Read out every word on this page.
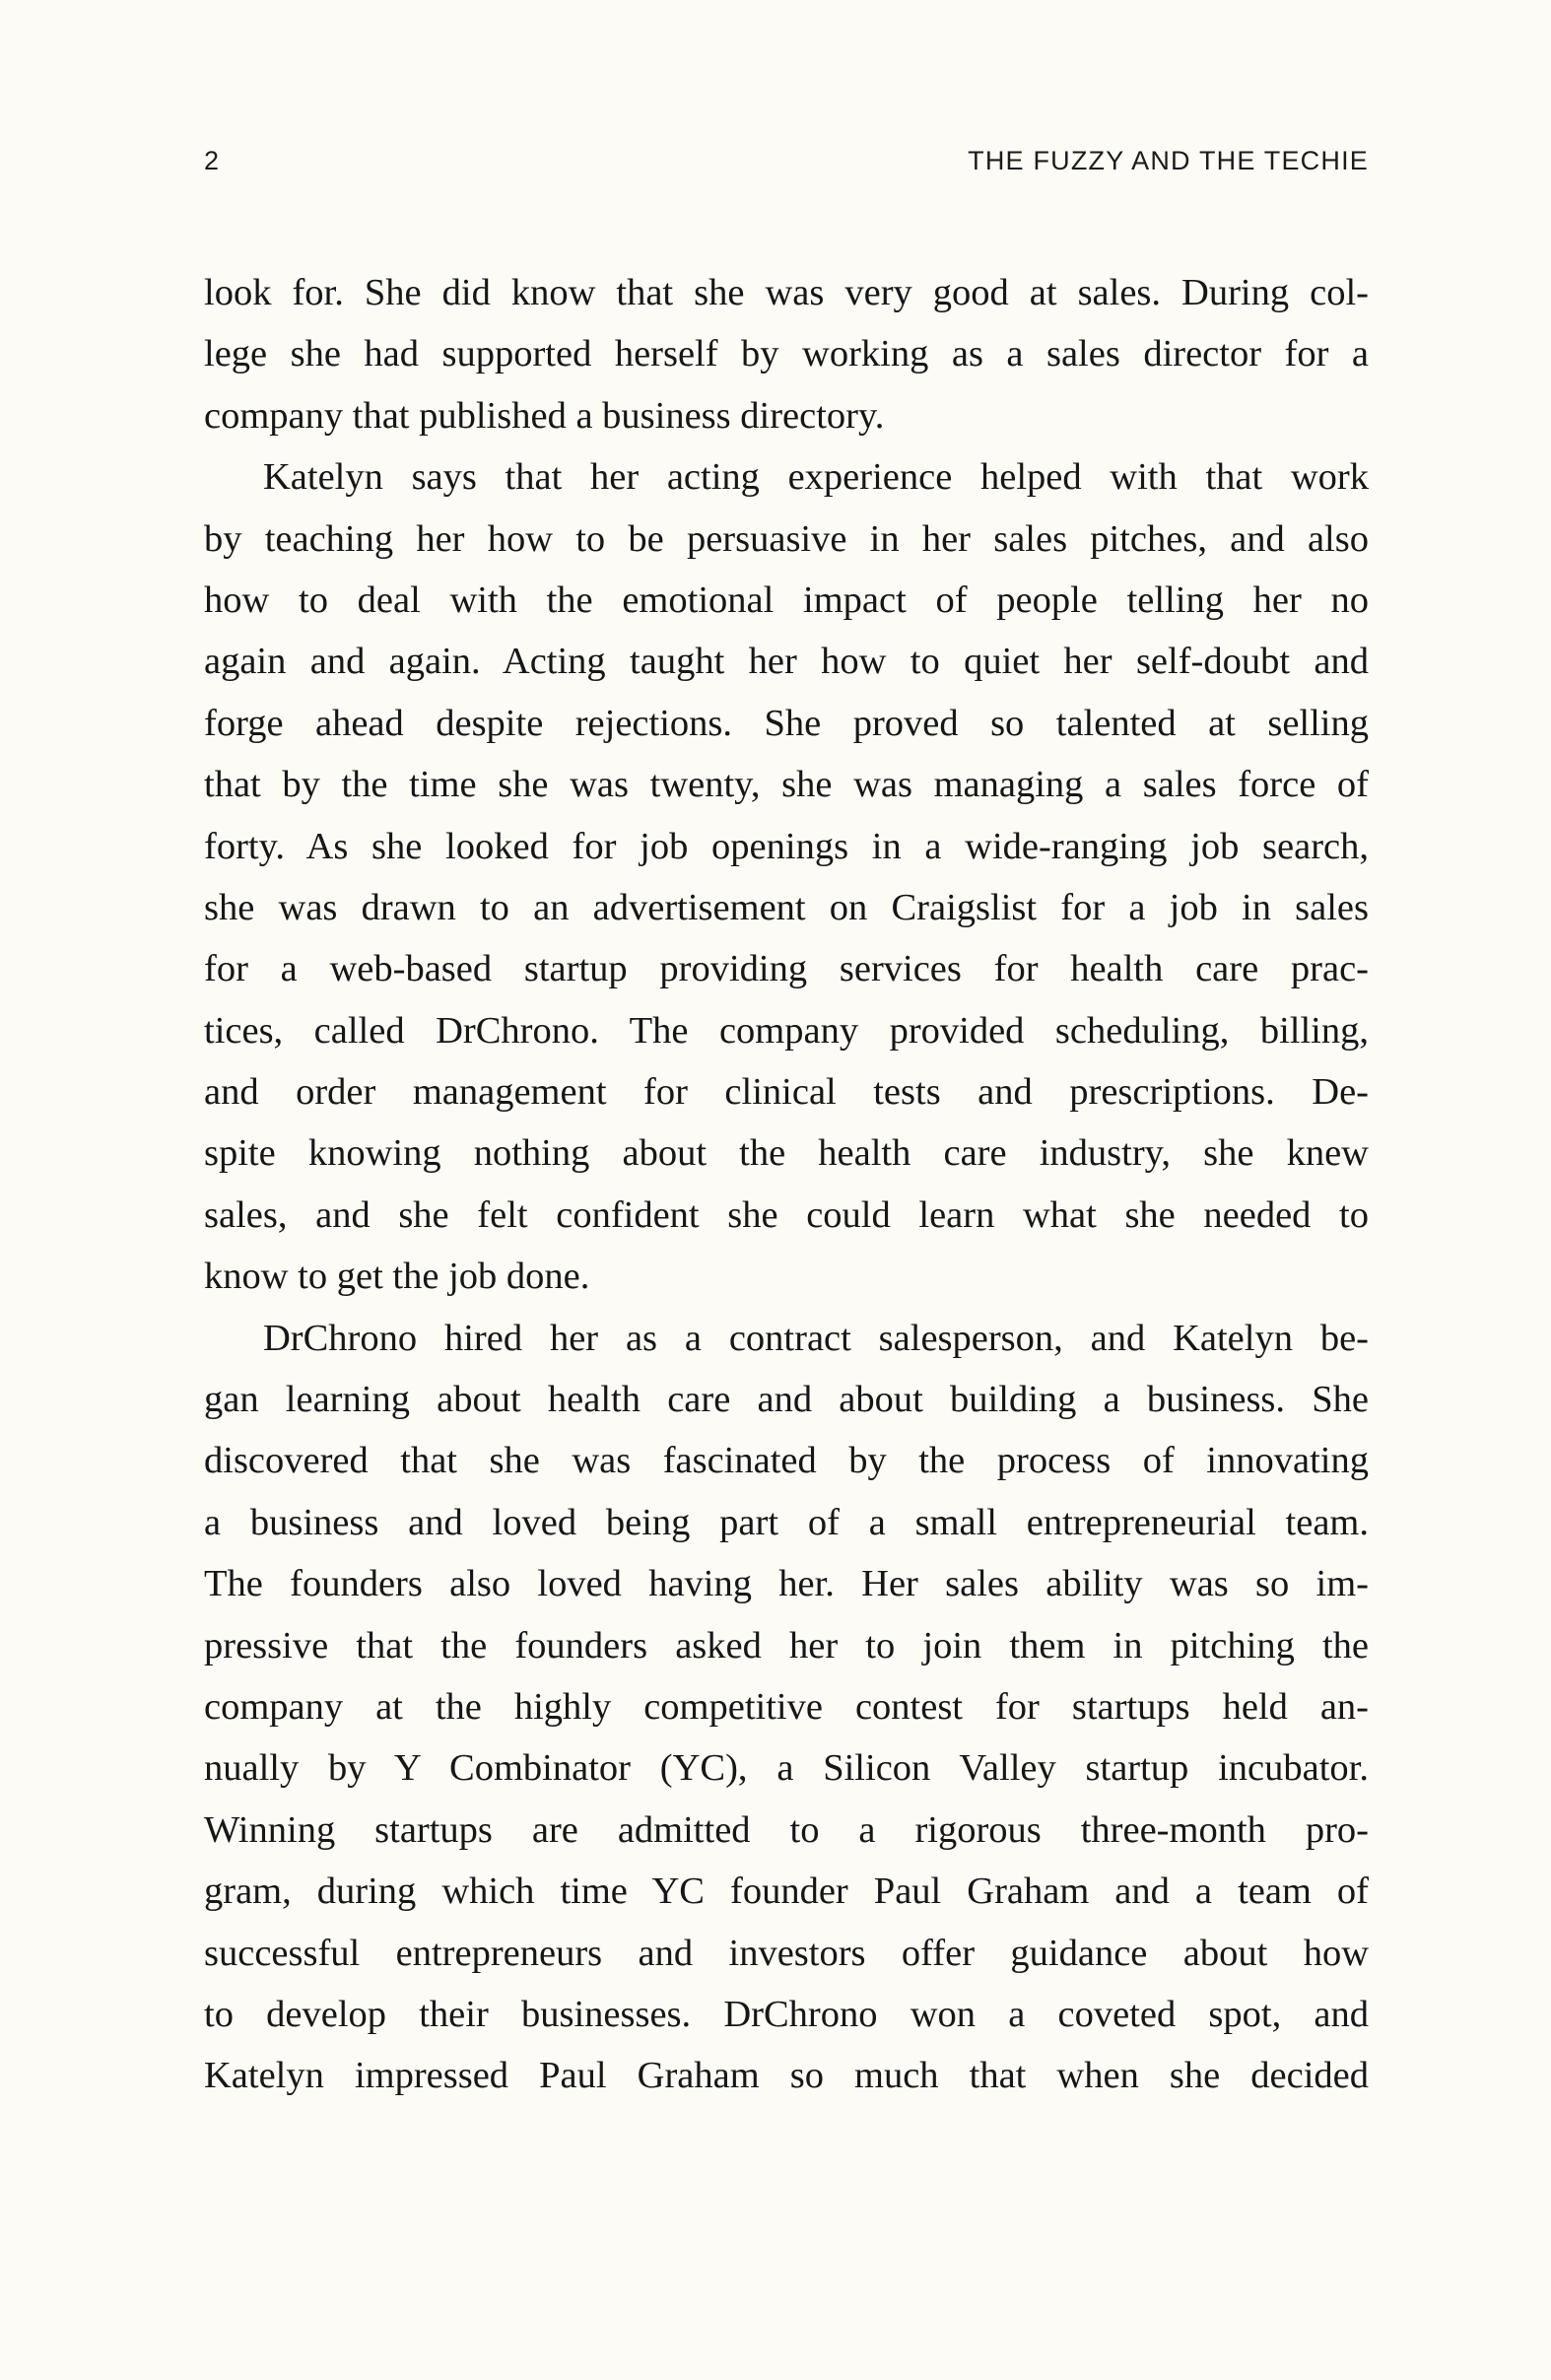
2	THE FUZZY AND THE TECHIE
look for. She did know that she was very good at sales. During col-
lege she had supported herself by working as a sales director for a
company that published a business directory.
Katelyn says that her acting experience helped with that work
by teaching her how to be persuasive in her sales pitches, and also
how to deal with the emotional impact of people telling her no
again and again. Acting taught her how to quiet her self-doubt and
forge ahead despite rejections. She proved so talented at selling
that by the time she was twenty, she was managing a sales force of
forty. As she looked for job openings in a wide-ranging job search,
she was drawn to an advertisement on Craigslist for a job in sales
for a web-based startup providing services for health care prac-
tices, called DrChrono. The company provided scheduling, billing,
and order management for clinical tests and prescriptions. De-
spite knowing nothing about the health care industry, she knew
sales, and she felt confident she could learn what she needed to
know to get the job done.
DrChrono hired her as a contract salesperson, and Katelyn be-
gan learning about health care and about building a business. She
discovered that she was fascinated by the process of innovating
a business and loved being part of a small entrepreneurial team.
The founders also loved having her. Her sales ability was so im-
pressive that the founders asked her to join them in pitching the
company at the highly competitive contest for startups held an-
nually by Y Combinator (YC), a Silicon Valley startup incubator.
Winning startups are admitted to a rigorous three-month pro-
gram, during which time YC founder Paul Graham and a team of
successful entrepreneurs and investors offer guidance about how
to develop their businesses. DrChrono won a coveted spot, and
Katelyn impressed Paul Graham so much that when she decided
